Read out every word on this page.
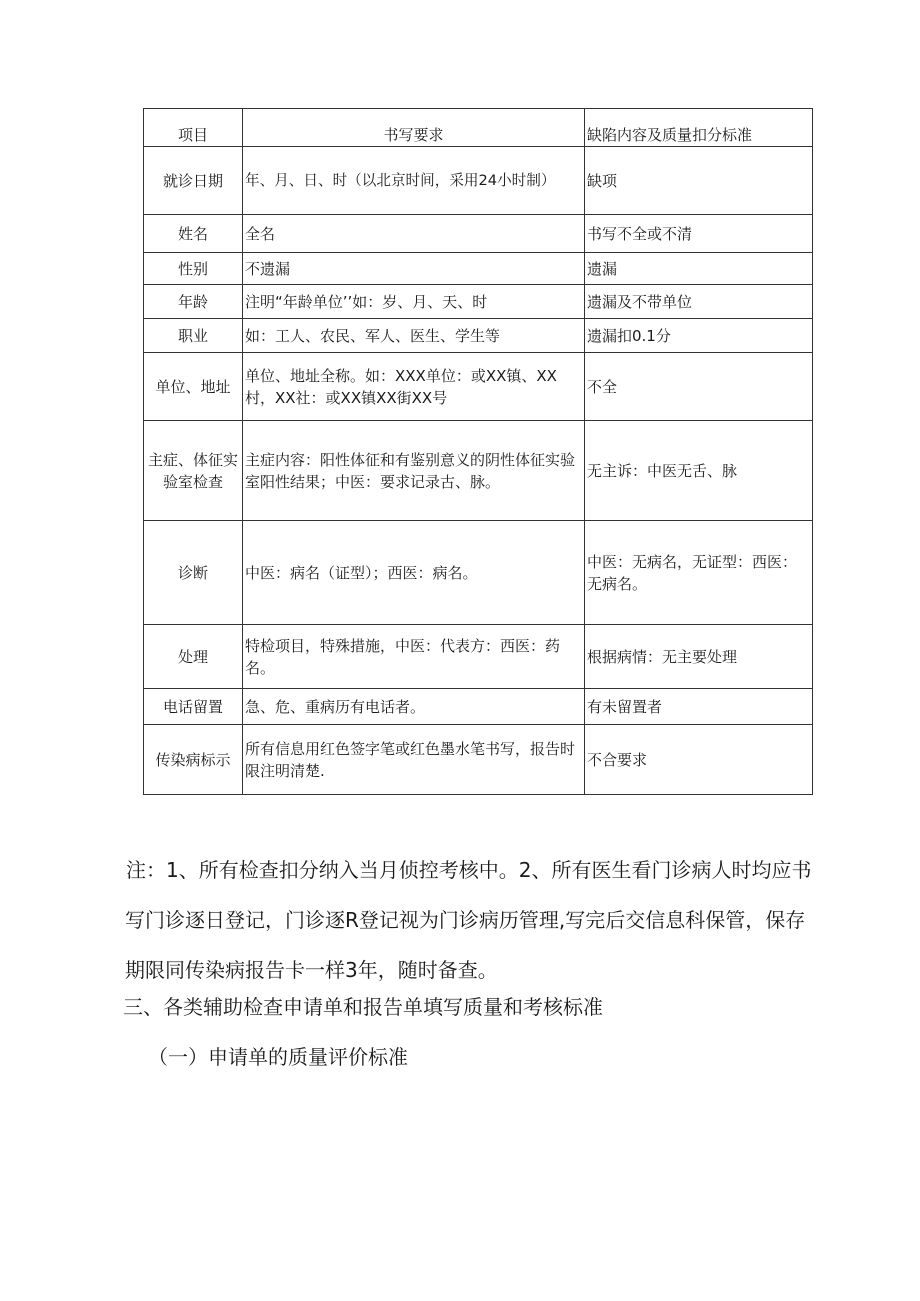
项目	书写要求	缺陷内容及质量扣分标准
就诊日期	年、月、日、时（以北京时间，采用24小时制）	缺项
姓名	全名	书写不全或不清
性别	不遗漏	遗漏
年龄	注明“年龄单位’’如：岁、月、天、时	遗漏及不带单位
职业	如：工人、农民、军人、医生、学生等	遗漏扣0.1分
单位、地址	单位、地址全称。如：XXX单位：或XX镇、XX村，XX社：或XX镇XX街XX号	不全
主症、体征实验室检查	主症内容：阳性体征和有鉴别意义的阴性体征实验室阳性结果；中医：要求记录古、脉。	无主诉：中医无舌、脉
诊断	中医：病名（证型）；西医：病名。	中医：无病名，无证型：西医：无病名。
处理	特检项目，特殊措施，中医：代表方：西医：药名。	根据病情：无主要处理
电话留置	急、危、重病历有电话者。	有未留置者
传染病标示	所有信息用红色签字笔或红色墨水笔书写，报告时限注明清楚.	不合要求
注：1、所有检查扣分纳入当月侦控考核中。2、所有医生看门诊病人时均应书写门诊逐日登记，门诊逐R登记视为门诊病历管理,写完后交信息科保管，保存期限同传染病报告卡一样3年，随时备查。
三、各类辅助检查申请单和报告单填写质量和考核标准
（一）申请单的质量评价标准
